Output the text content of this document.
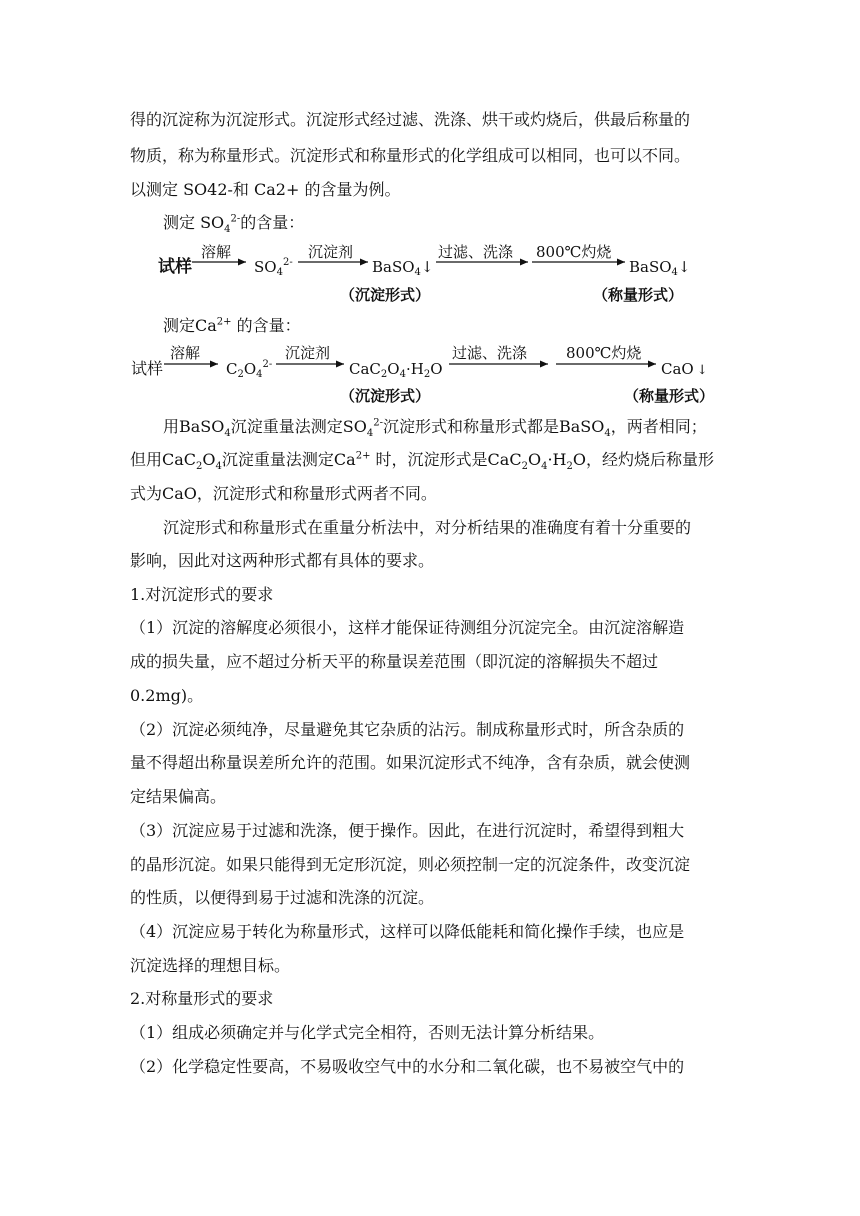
得的沉淀称为沉淀形式。沉淀形式经过滤、洗涤、烘干或灼烧后，供最后称量的
物质，称为称量形式。沉淀形式和称量形式的化学组成可以相同，也可以不同。
以测定 SO42-和 Ca2+ 的含量为例。
测定 $SO_4^{2-}$的含量：
试样
溶解
$SO_4^{2-}$
沉淀剂
BaSO$_4$↓
过滤、洗涤 800℃灼烧
BaSO$_4$↓
（沉淀形式）	（称量形式）
试样
溶解
$C_2O_4^{2-}$
沉淀剂
$CaC_2O_4\cdot H_2O$
过滤、洗涤	800℃灼烧
CaO ↓
（沉淀形式）	（称量形式）
测定$Ca^{2+}$ 的含量：
用BaSO$_4$沉淀重量法测定$SO_4^{2-}$沉淀形式和称量形式都是BaSO$_4$，两者相同；
但用$CaC_2O_4$沉淀重量法测定$Ca^{2+}$ 时，沉淀形式是$CaC_2O_4\cdot H_2O$，经灼烧后称量形
式为CaO，沉淀形式和称量形式两者不同。
沉淀形式和称量形式在重量分析法中，对分析结果的准确度有着十分重要的
影响，因此对这两种形式都有具体的要求。
1.对沉淀形式的要求
（1）沉淀的溶解度必须很小，这样才能保证待测组分沉淀完全。由沉淀溶解造
成的损失量，应不超过分析天平的称量误差范围（即沉淀的溶解损失不超过
0.2mg)。
（2）沉淀必须纯净，尽量避免其它杂质的沾污。制成称量形式时，所含杂质的
量不得超出称量误差所允许的范围。如果沉淀形式不纯净，含有杂质，就会使测
定结果偏高。
（3）沉淀应易于过滤和洗涤，便于操作。因此，在进行沉淀时，希望得到粗大
的晶形沉淀。如果只能得到无定形沉淀，则必须控制一定的沉淀条件，改变沉淀
的性质，以便得到易于过滤和洗涤的沉淀。
（4）沉淀应易于转化为称量形式，这样可以降低能耗和简化操作手续，也应是
沉淀选择的理想目标。
2.对称量形式的要求
（1）组成必须确定并与化学式完全相符，否则无法计算分析结果。
（2）化学稳定性要高，不易吸收空气中的水分和二氧化碳，也不易被空气中的
